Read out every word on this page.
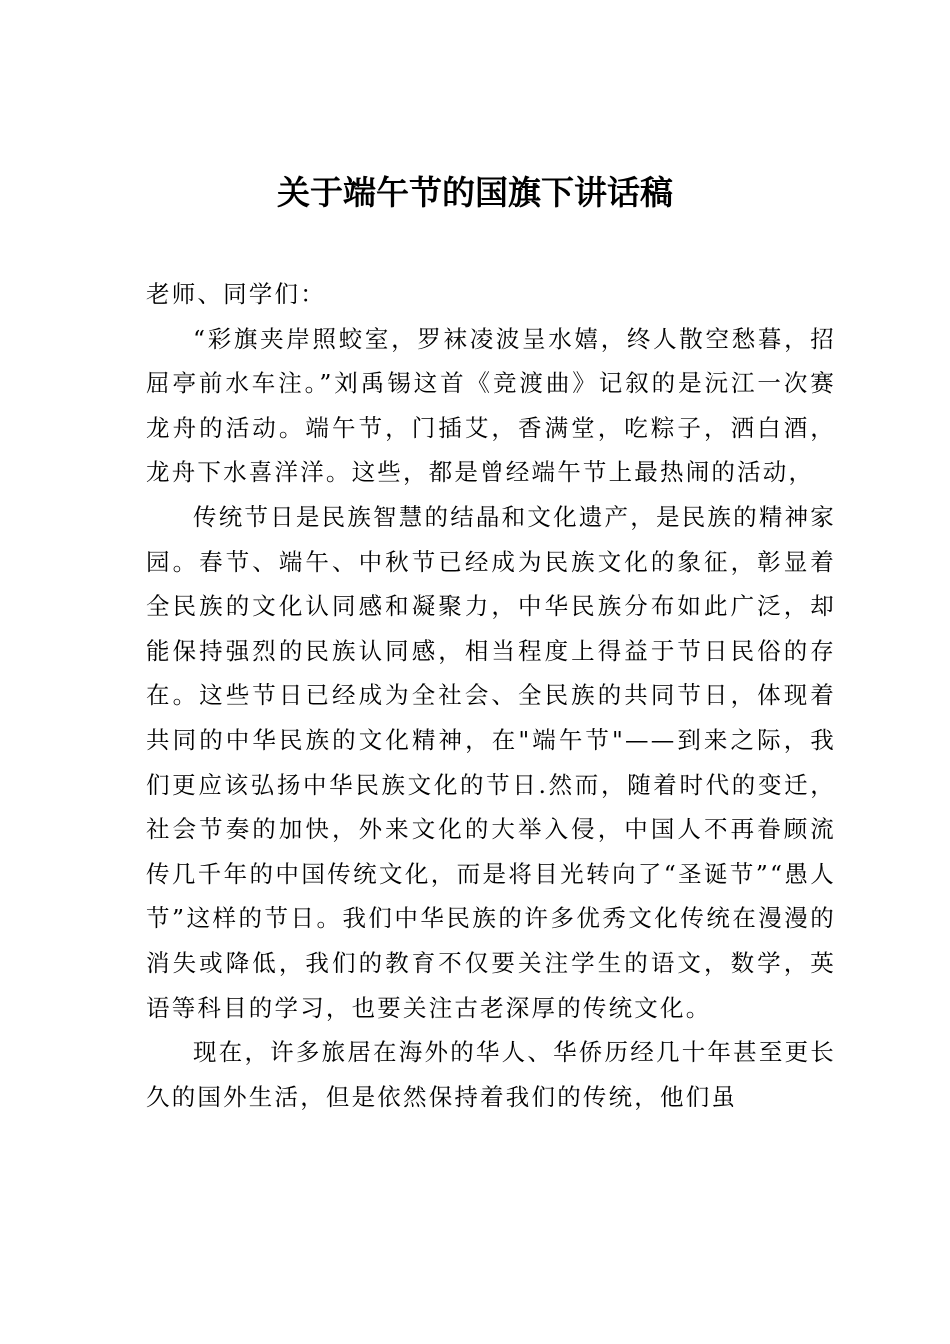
关于端午节的国旗下讲话稿

老师、同学们：

“彩旗夹岸照蛟室，罗袜凌波呈水嬉，终人散空愁暮，招屈亭前水车注。”刘禹锡这首《竞渡曲》记叙的是沅江一次赛龙舟的活动。端午节，门插艾，香满堂，吃粽子，洒白酒，龙舟下水喜洋洋。这些，都是曾经端午节上最热闹的活动，

传统节日是民族智慧的结晶和文化遗产，是民族的精神家园。春节、端午、中秋节已经成为民族文化的象征，彰显着全民族的文化认同感和凝聚力，中华民族分布如此广泛，却能保持强烈的民族认同感，相当程度上得益于节日民俗的存在。这些节日已经成为全社会、全民族的共同节日，体现着共同的中华民族的文化精神，在"端午节"——到来之际，我们更应该弘扬中华民族文化的节日.然而，随着时代的变迁，社会节奏的加快，外来文化的大举入侵，中国人不再眷顾流传几千年的中国传统文化，而是将目光转向了“圣诞节”“愚人节”这样的节日。我们中华民族的许多优秀文化传统在漫漫的消失或降低，我们的教育不仅要关注学生的语文，数学，英语等科目的学习，也要关注古老深厚的传统文化。

现在，许多旅居在海外的华人、华侨历经几十年甚至更长久的国外生活，但是依然保持着我们的传统，他们虽
